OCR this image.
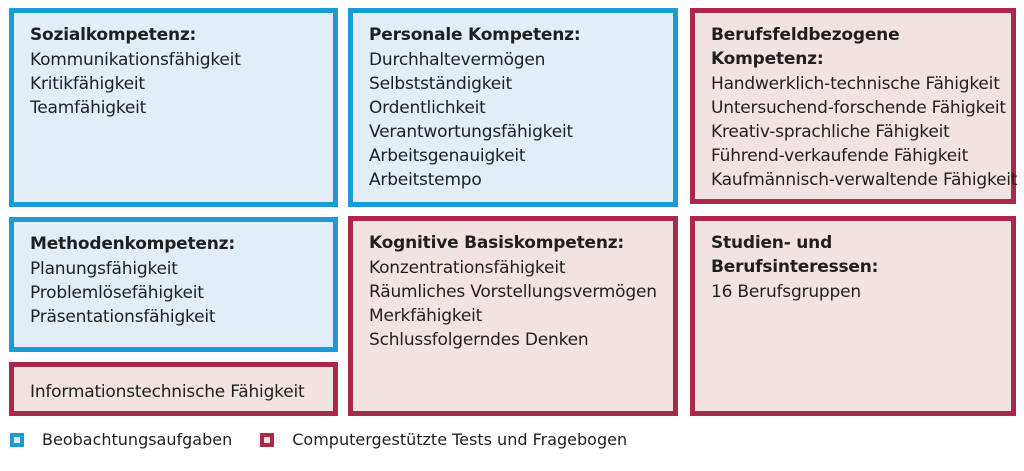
Sozialkompetenz:
Kommunikationsfähigkeit
Kritikfähigkeit
Teamfähigkeit
Personale Kompetenz:
Durchhaltevermögen
Selbstständigkeit
Ordentlichkeit
Verantwortungsfähigkeit
Arbeitsgenauigkeit
Arbeitstempo
Berufsfeldbezogene Kompetenz:
Handwerklich-technische Fähigkeit
Untersuchend-forschende Fähigkeit
Kreativ-sprachliche Fähigkeit
Führend-verkaufende Fähigkeit
Kaufmännisch-verwaltende Fähigkeit
Methodenkompetenz:
Planungsfähigkeit
Problemlösefähigkeit
Präsentationsfähigkeit
Informationstechnische Fähigkeit
Kognitive Basiskompetenz:
Konzentrationsfähigkeit
Räumliches Vorstellungsvermögen
Merkfähigkeit
Schlussfolgerndes Denken
Studien- und Berufsinteressen:
16 Berufsgruppen
Beobachtungsaufgaben	Computergestützte Tests und Fragebogen
